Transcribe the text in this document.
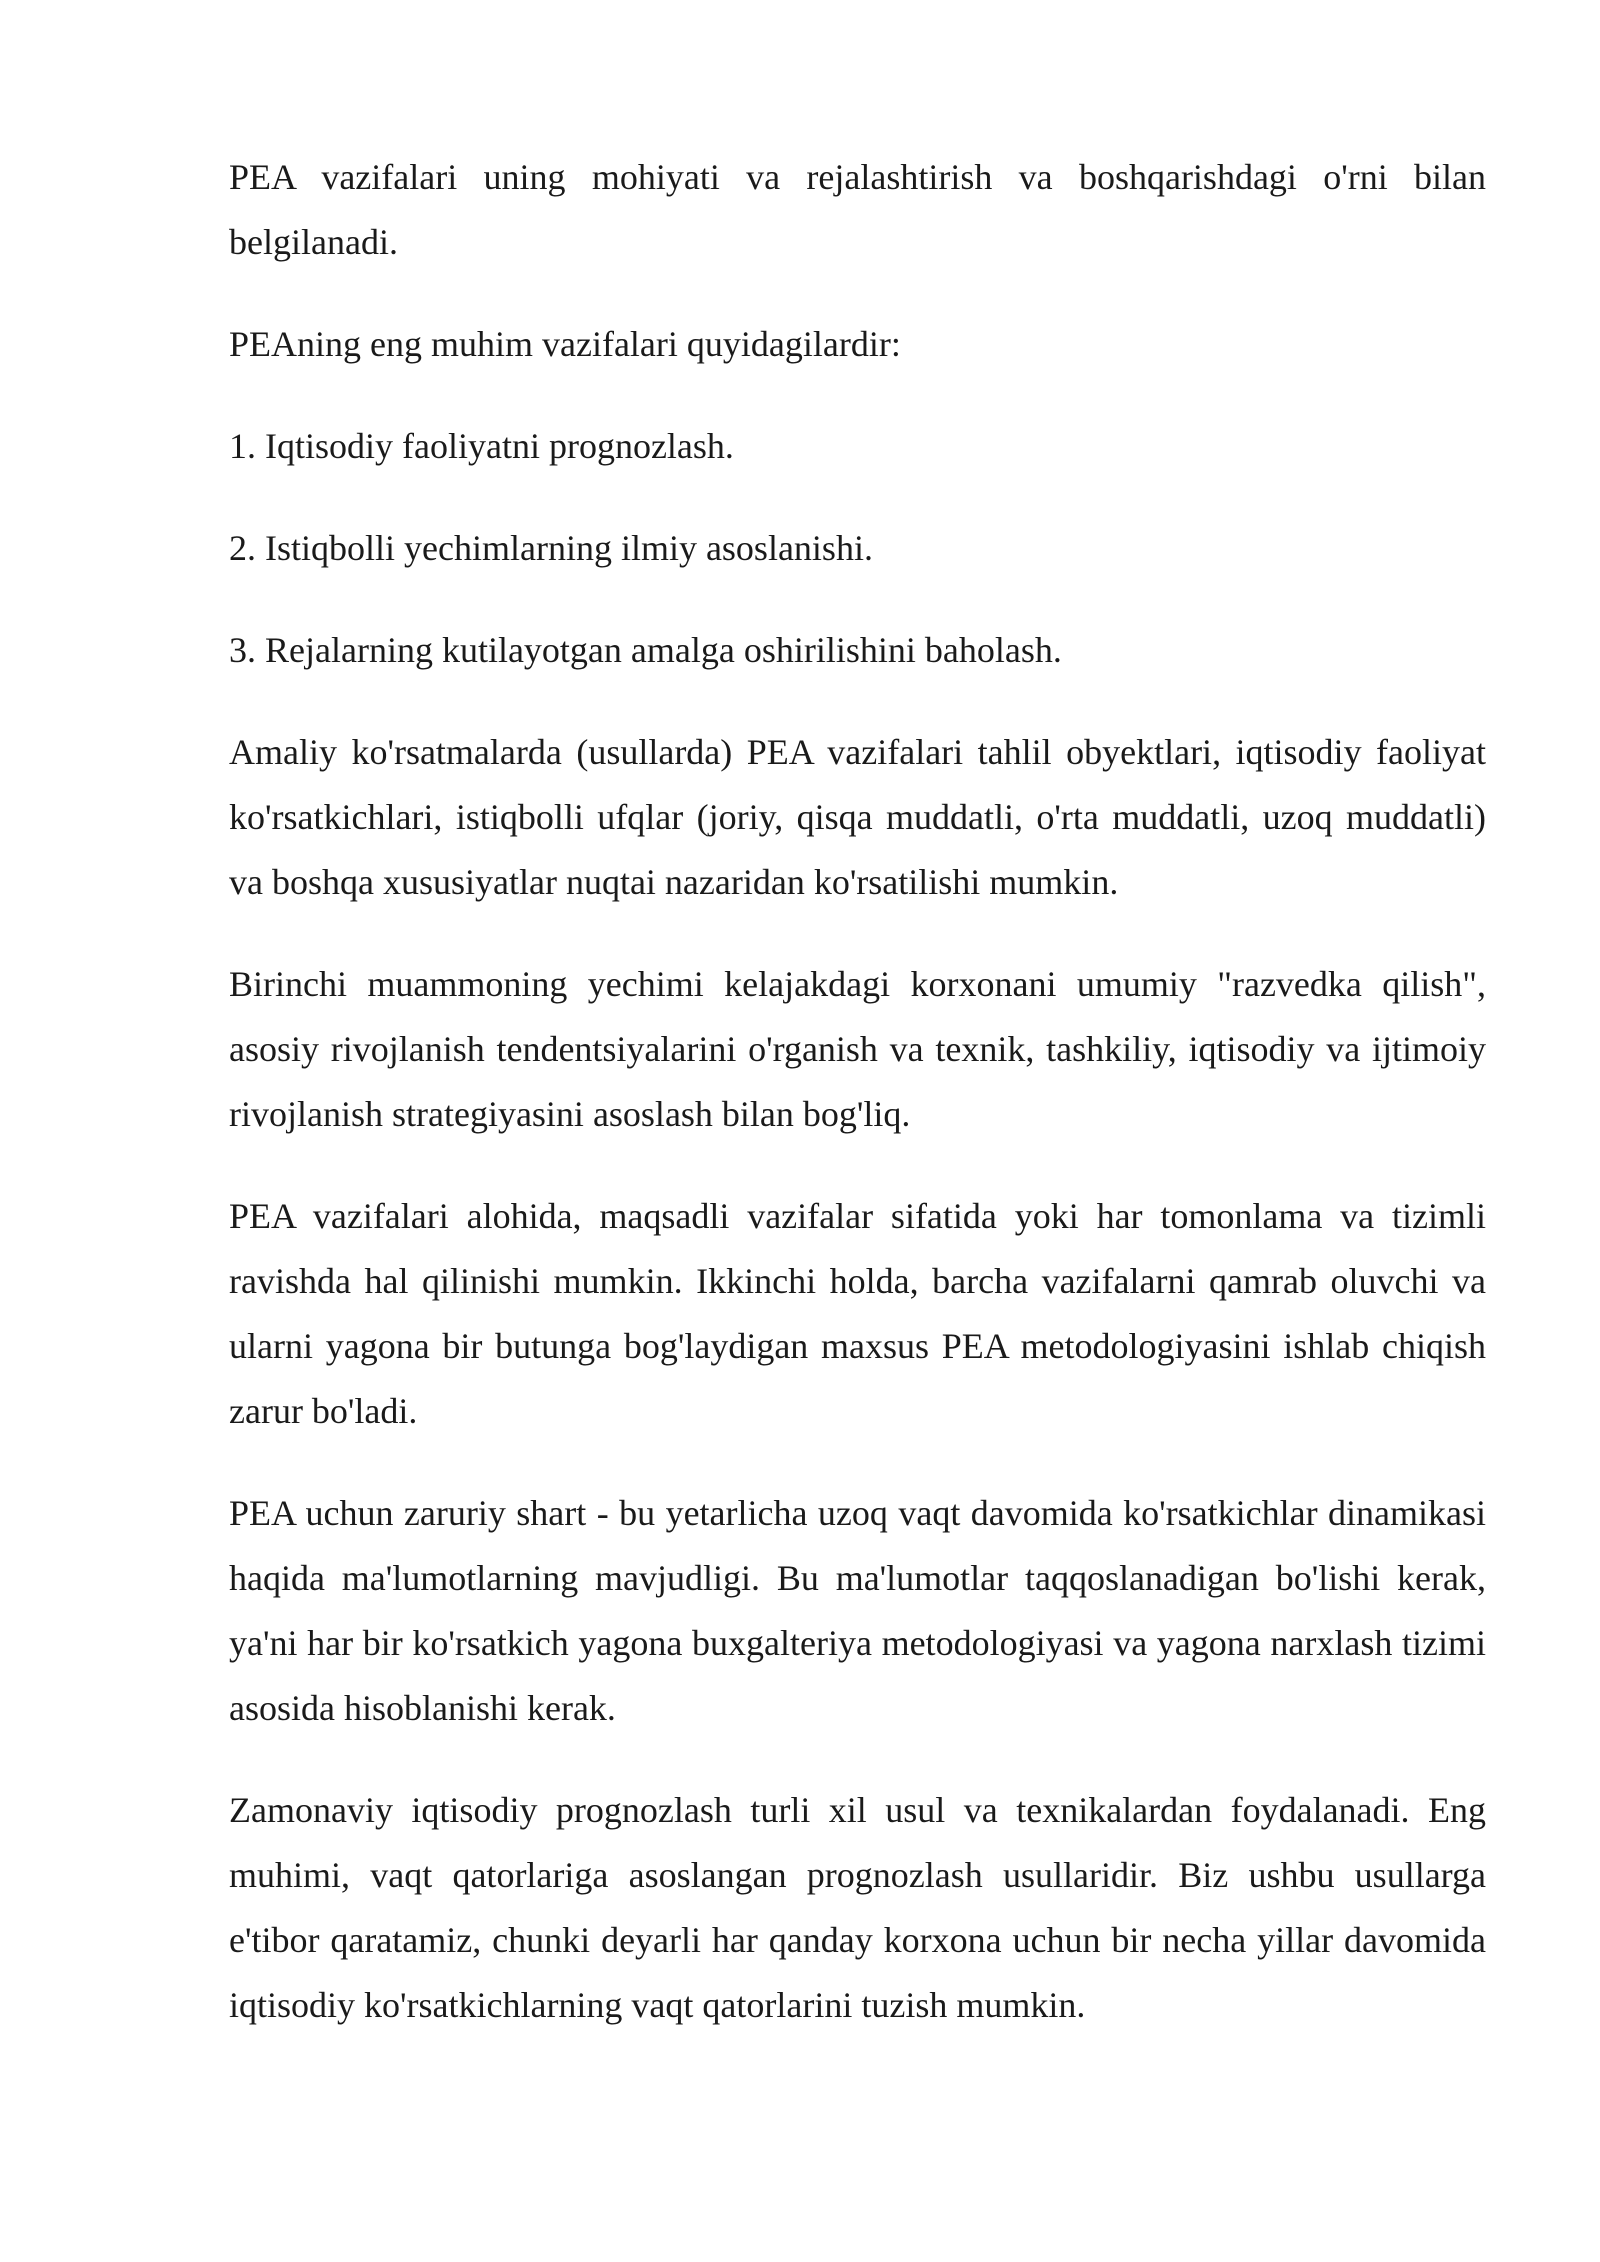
PEA vazifalari uning mohiyati va rejalashtirish va boshqarishdagi o'rni bilan belgilanadi.

PEAning eng muhim vazifalari quyidagilardir:

1. Iqtisodiy faoliyatni prognozlash.

2. Istiqbolli yechimlarning ilmiy asoslanishi.

3. Rejalarning kutilayotgan amalga oshirilishini baholash.

Amaliy ko'rsatmalarda (usullarda) PEA vazifalari tahlil obyektlari, iqtisodiy faoliyat ko'rsatkichlari, istiqbolli ufqlar (joriy, qisqa muddatli, o'rta muddatli, uzoq muddatli) va boshqa xususiyatlar nuqtai nazaridan ko'rsatilishi mumkin.

Birinchi muammoning yechimi kelajakdagi korxonani umumiy "razvedka qilish", asosiy rivojlanish tendentsiyalarini o'rganish va texnik, tashkiliy, iqtisodiy va ijtimoiy rivojlanish strategiyasini asoslash bilan bog'liq.

PEA vazifalari alohida, maqsadli vazifalar sifatida yoki har tomonlama va tizimli ravishda hal qilinishi mumkin. Ikkinchi holda, barcha vazifalarni qamrab oluvchi va ularni yagona bir butunga bog'laydigan maxsus PEA metodologiyasini ishlab chiqish zarur bo'ladi.

PEA uchun zaruriy shart - bu yetarlicha uzoq vaqt davomida ko'rsatkichlar dinamikasi haqida ma'lumotlarning mavjudligi. Bu ma'lumotlar taqqoslanadigan bo'lishi kerak, ya'ni har bir ko'rsatkich yagona buxgalteriya metodologiyasi va yagona narxlash tizimi asosida hisoblanishi kerak.

Zamonaviy iqtisodiy prognozlash turli xil usul va texnikalardan foydalanadi. Eng muhimi, vaqt qatorlariga asoslangan prognozlash usullaridir. Biz ushbu usullarga e'tibor qaratamiz, chunki deyarli har qanday korxona uchun bir necha yillar davomida iqtisodiy ko'rsatkichlarning vaqt qatorlarini tuzish mumkin.
